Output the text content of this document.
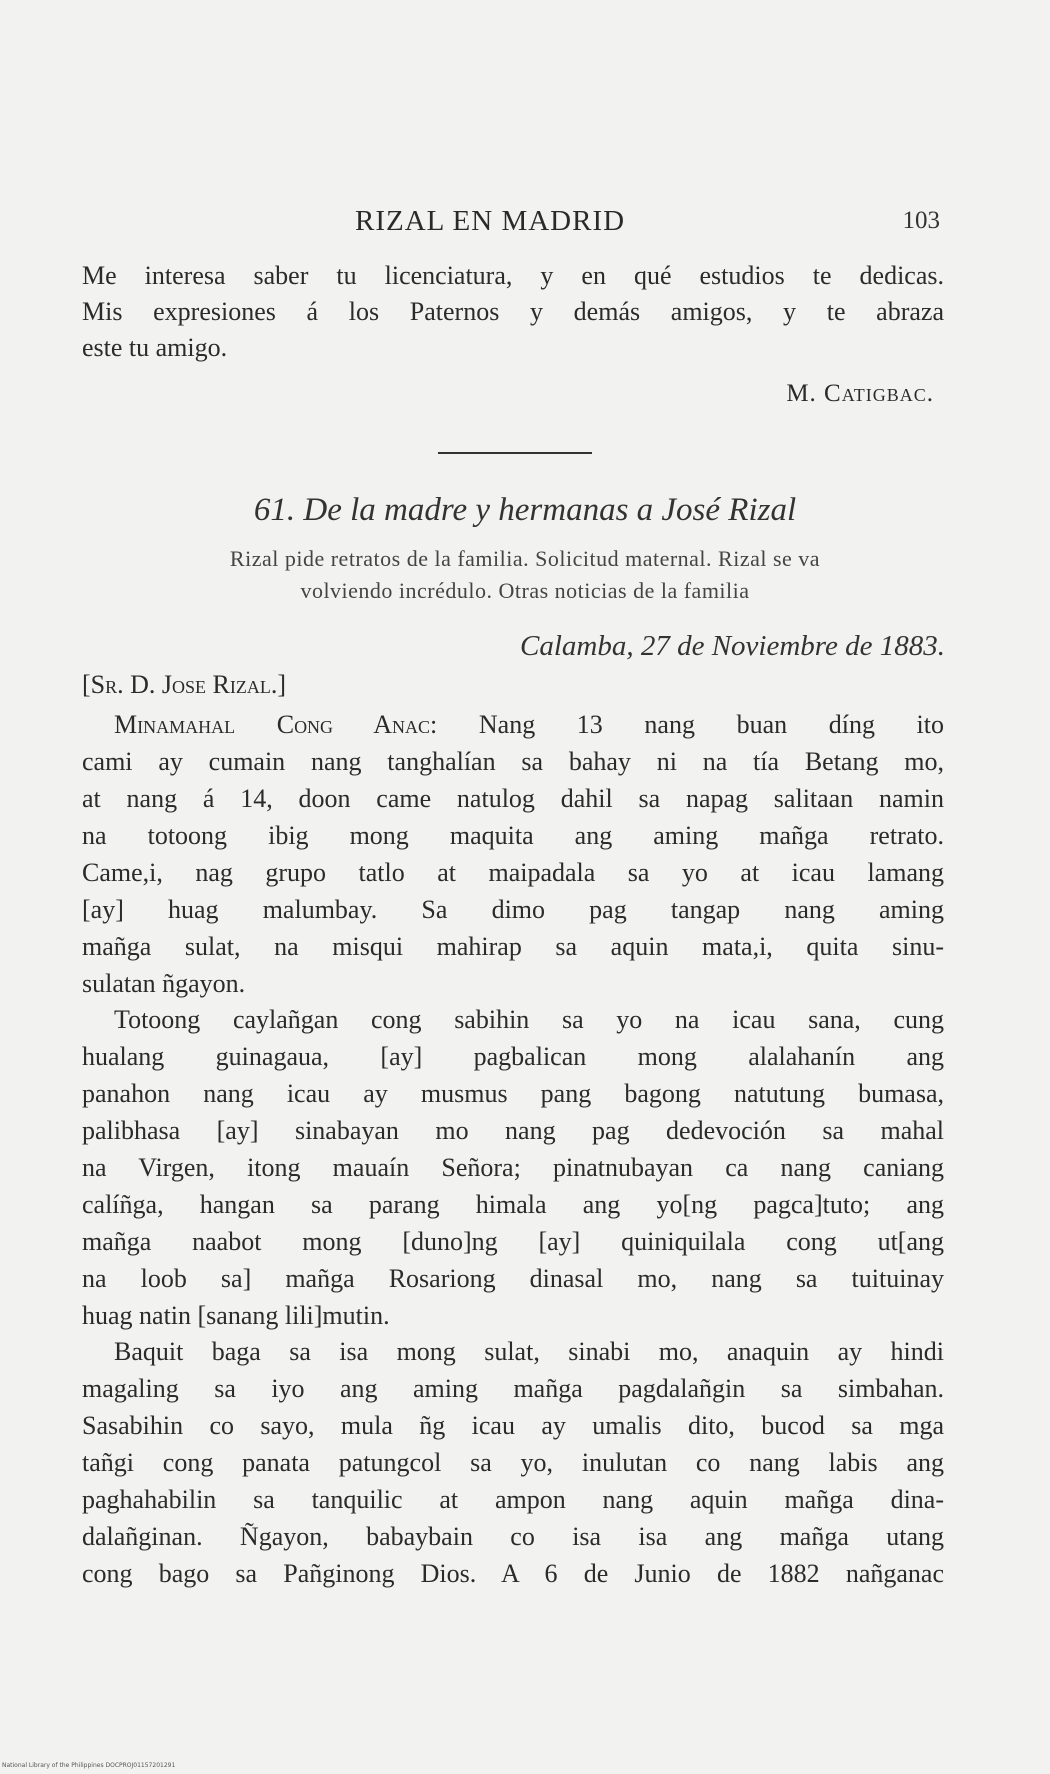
RIZAL EN MADRID	103
Me interesa saber tu licenciatura, y en qué estudios te dedicas.
Mis expresiones á los Paternos y demás amigos, y te abraza
este tu amigo.
M. Catigbac.
61. De la madre y hermanas a José Rizal
Rizal pide retratos de la familia. Solicitud maternal. Rizal se va
volviendo incrédulo. Otras noticias de la familia
Calamba, 27 de Noviembre de 1883.
[Sr. D. Jose Rizal.]
Minamahal Cong Anac: Nang 13 nang buan díng ito
cami ay cumain nang tanghalían sa bahay ni na tía Betang mo,
at nang á 14, doon came natulog dahil sa napag salitaan namin
na totoong ibig mong maquita ang aming mañga retrato.
Came,i, nag grupo tatlo at maipadala sa yo at icau lamang
[ay] huag malumbay. Sa dimo pag tangap nang aming
mañga sulat, na misqui mahirap sa aquin mata,i, quita sinu-
sulatan ñgayon.
Totoong caylañgan cong sabihin sa yo na icau sana, cung
hualang guinagaua, [ay] pagbalican mong alalahanín ang
panahon nang icau ay musmus pang bagong natutung bumasa,
palibhasa [ay] sinabayan mo nang pag dedevoción sa mahal
na Virgen, itong mauaín Señora; pinatnubayan ca nang caniang
calíñga, hangan sa parang himala ang yo[ng pagca]tuto; ang
mañga naabot mong [duno]ng [ay] quiniquilala cong ut[ang
na loob sa] mañga Rosariong dinasal mo, nang sa tuituinay
huag natin [sanang lili]mutin.
Baquit baga sa isa mong sulat, sinabi mo, anaquin ay hindi
magaling sa iyo ang aming mañga pagdalañgin sa simbahan.
Sasabihin co sayo, mula ñg icau ay umalis dito, bucod sa mga
tañgi cong panata patungcol sa yo, inulutan co nang labis ang
paghahabilin sa tanquilic at ampon nang aquin mañga dina-
dalañginan. Ñgayon, babaybain co isa isa ang mañga utang
cong bago sa Pañginong Dios. A 6 de Junio de 1882 nañganac
National Library of the Philippines DOCPROJ01157201291
